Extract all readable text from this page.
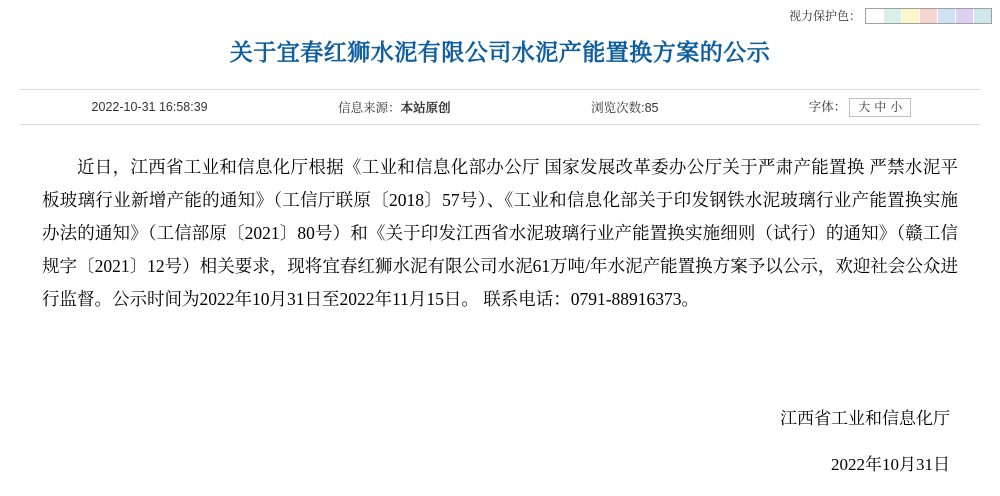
视力保护色：
关于宜春红狮水泥有限公司水泥产能置换方案的公示
2022-10-31 16:58:39	信息来源：本站原创	浏览次数:85	字体： 大 中 小

近日，江西省工业和信息化厅根据《工业和信息化部办公厅 国家发展改革委办公厅关于严肃产能置换 严禁水泥平板玻璃行业新增产能的通知》（工信厅联原〔2018〕57号）、《工业和信息化部关于印发钢铁水泥玻璃行业产能置换实施办法的通知》（工信部原〔2021〕80号）和《关于印发江西省水泥玻璃行业产能置换实施细则（试行）的通知》（赣工信规字〔2021〕12号）相关要求，现将宜春红狮水泥有限公司水泥61万吨/年水泥产能置换方案予以公示，欢迎社会公众进行监督。公示时间为2022年10月31日至2022年11月15日。 联系电话：0791-88916373。

江西省工业和信息化厅
2022年10月31日
